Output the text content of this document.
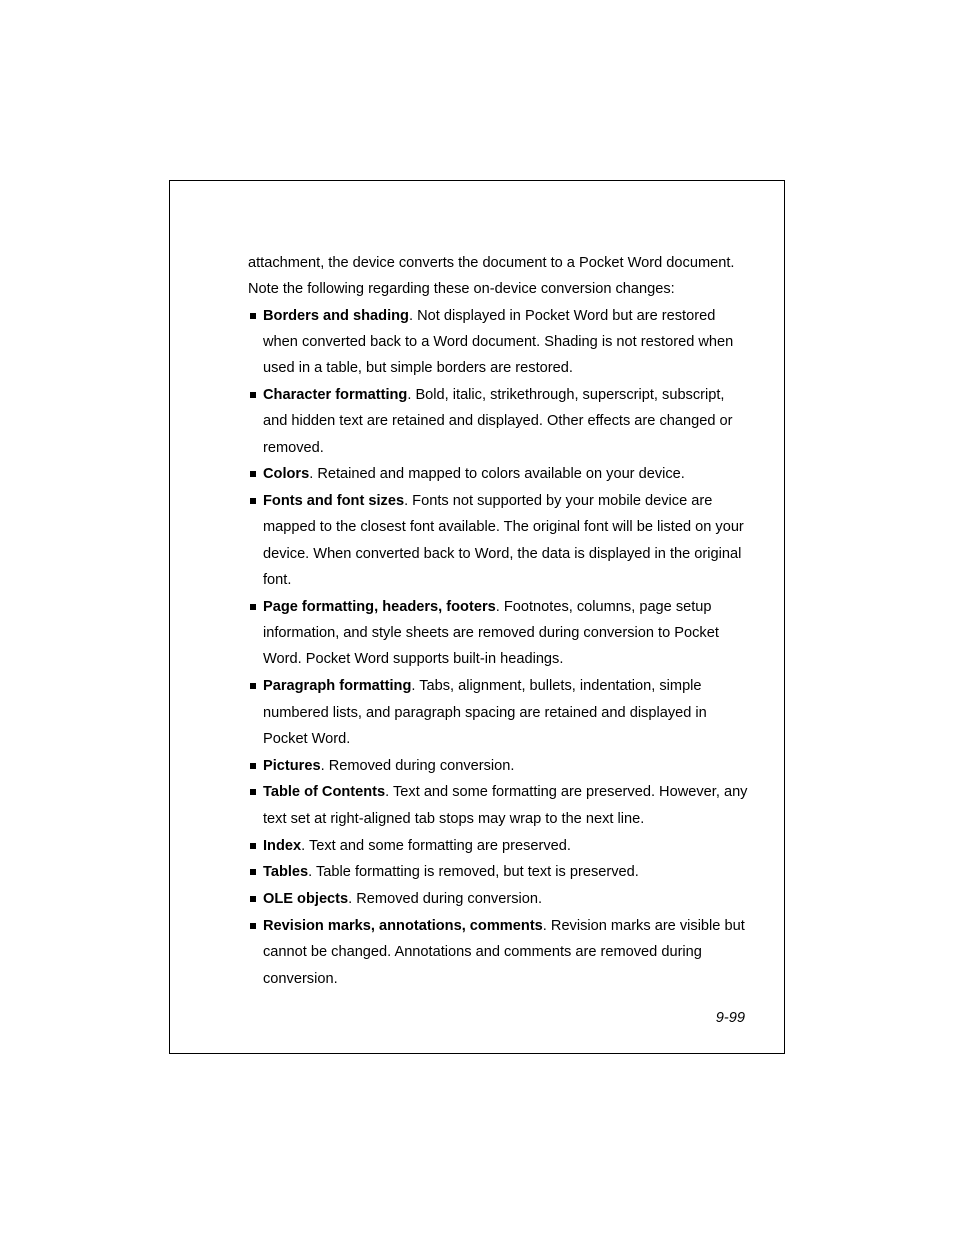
attachment, the device converts the document to a Pocket Word document.

Note the following regarding these on-device conversion changes:

Borders and shading. Not displayed in Pocket Word but are restored when converted back to a Word document. Shading is not restored when used in a table, but simple borders are restored.
Character formatting. Bold, italic, strikethrough, superscript, subscript, and hidden text are retained and displayed. Other effects are changed or removed.
Colors. Retained and mapped to colors available on your device.
Fonts and font sizes. Fonts not supported by your mobile device are mapped to the closest font available. The original font will be listed on your device. When converted back to Word, the data is displayed in the original font.
Page formatting, headers, footers. Footnotes, columns, page setup information, and style sheets are removed during conversion to Pocket Word. Pocket Word supports built-in headings.
Paragraph formatting. Tabs, alignment, bullets, indentation, simple numbered lists, and paragraph spacing are retained and displayed in Pocket Word.
Pictures. Removed during conversion.
Table of Contents. Text and some formatting are preserved. However, any text set at right-aligned tab stops may wrap to the next line.
Index. Text and some formatting are preserved.
Tables. Table formatting is removed, but text is preserved.
OLE objects. Removed during conversion.
Revision marks, annotations, comments. Revision marks are visible but cannot be changed. Annotations and comments are removed during conversion.
9-99
